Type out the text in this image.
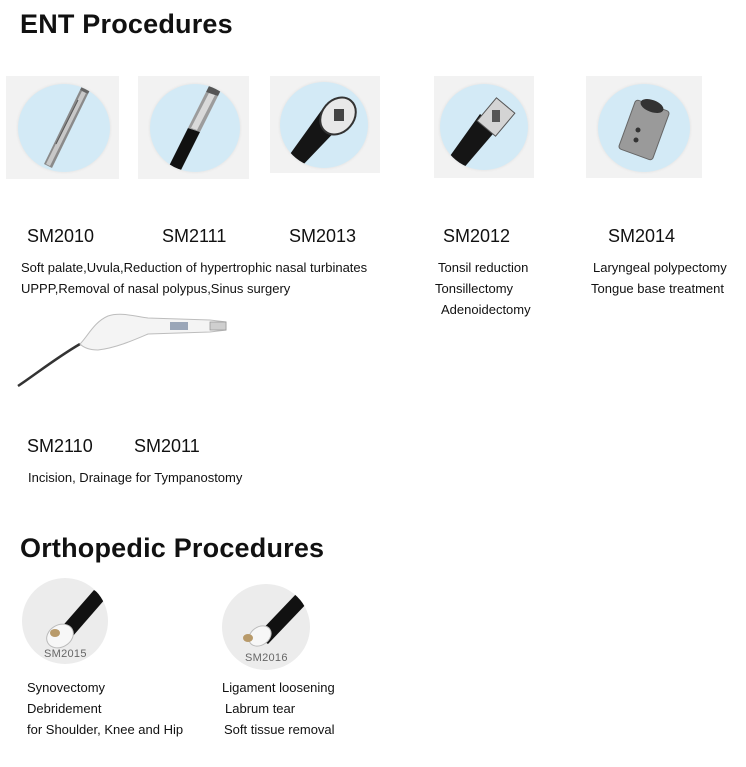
ENT Procedures
SM2010	SM2111	SM2013	SM2012	SM2014
Soft palate,Uvula,Reduction of hypertrophic nasal turbinates
UPPP,Removal of nasal polypus,Sinus surgery
Tonsil reduction
Tonsillectomy
Adenoidectomy
Laryngeal polypectomy
Tongue base treatment
SM2110 SM2011
Incision, Drainage for Tympanostomy
Orthopedic Procedures
SM2015	SM2016
Synovectomy
Debridement
for Shoulder, Knee and Hip
Ligament loosening
Labrum tear
Soft tissue removal
